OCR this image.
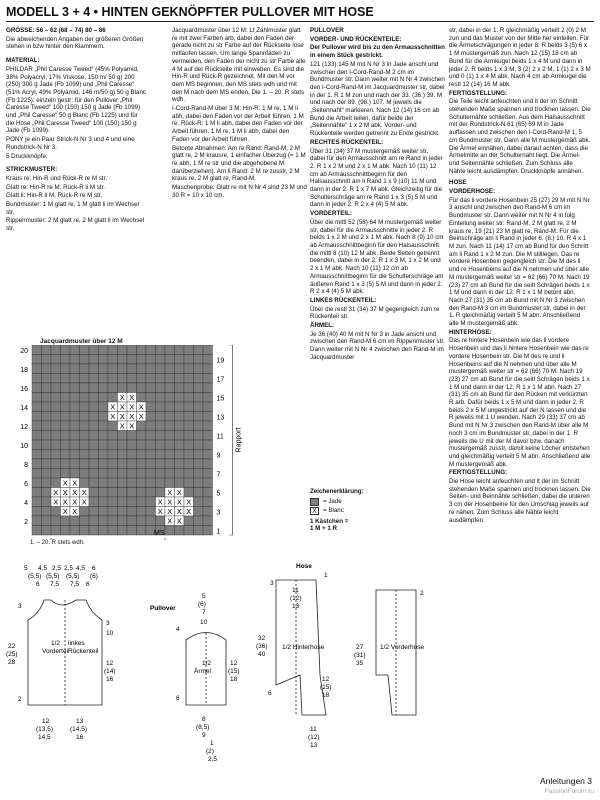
MODELL 3 + 4 • HINTEN GEKNÖPFTER PULLOVER MIT HOSE

GRÖSSE: 56 – 62 (68 – 74) 80 – 86

Die abweichenden Angaben der größeren Größen stehen in bzw hinter den Klammern.

MATERIAL:

PHILDAR „Phil Caresse Tweed“ (45% Polyamid, 38% Polyacryl, 17% Viskose, 150 m/ 50 g) 200 (250) 300 g Jade (Fb 1099) und „Phil Caresse“ (51% Acryl, 49% Polyamid, 146 m/50 g) 50 g Blanc (Fb 1225); einzeln gestr: für den Pullover „Phil Caresse Tweed“ 100 (150) 150 g Jade (Fb 1099) und „Phil Caresse“ 50 g Blanc (Fb 1225) und für die Hose „Phil Caresse Tweed“ 100 (150) 150 g Jade (Fb 1099).

PONY je ein Paar Strick-N Nr 3 und 4 und eine Rundstrick-N Nr 3.

5 Druckknöpfe.

STRICKMUSTER:

Kraus re: Hin-R und Rück-R re M str.

Glatt re: Hin-R re M, Rück-R li M str.

Glatt li: Hin-R li M, Rück-R re M str.

Bundmuster: 1 M glatt re, 1 M glatt li im Wechsel str.

Rippenmuster: 2 M glatt re, 2 M glatt li im Wechsel str.

Jacquardmuster über 12 M: Lt Zählmuster glatt re mit zwei Farben arb, dabei den Faden der gerade nicht zu str Farbe auf der Rückseite lose mitlaufen lassen. Um lange Spannfäden zu vermeiden, den Faden der nicht zu str Farbe alle 4 M auf der Rückseite mit einweben. Es sind die Hin-R und Rück-R gezeichnet. Mit den M vor dem MS beginnen, den MS stets wdh und mit den M nach dem MS enden. Die 1. – 20. R stets wdh.

I-Cord-Rand-M über 3 M: Hin-R: 1 M re, 1 M li abh, dabei den Faden vor der Arbeit führen, 1 M re. Rück-R: 1 M li abh, dabei den Faden vor der Arbeit führen, 1 M re, 1 M li abh, dabei den Faden vor der Arbeit führen.

Betonte Abnahmen: Am re Rand: Rand-M, 2 M glatt re, 2 M krausre, 1 einfacher Überzug (= 1 M re abh, 1 M re str und die abgehobene M darüberziehen). Am li Rand: 2 M re zusstr, 2 M kraus re, 2 M glatt re, Rand-M.

Maschenprobe: Glatt re mit N Nr 4 sind 23 M und 30 R = 10 x 10 cm.

PULLOVER

VORDER- UND RÜCKENTEILE:

Der Pullover wird bis zu den Armausschnitten in einem Stück gestrickt.

121 (133) 145 M mit N Nr 3 in Jade anschl und zwischen den I-Cord-Rand-M 2 cm im Bundmuster str. Dann weiter mit N Nr 4 zwischen den I-Cord-Rand-M im Jacquardmuster str, dabei in der 1. R 1 M zun und nach der 33. (36.) 39. M und nach der 89. (98.) 107. M jeweils die „Seitennaht“ markieren. Nach 12 (14) 16 cm ab Bund die Arbeit teilen, dafür beide der „Seitennähte“ 1 x 2 M abk. Vorder- und Rückenteile werden getrennt zu Ende gestrickt.

RECHTES RÜCKENTEIL:

Über 31 (34) 37 M mustergemäß weiter str, dabei für den Armausschnitt am re Rand in jeder 2. R 1 x 2 M und 2 x 1 M abk. Nach 10 (11) 12 cm ab Armausschnittbeginn für den Halsausschnitt am li Rand 1 x 9 (10) 11 M und dann in der 2. R 1 x 7 M abk. Gleichzeitig für die Schulterschräge am re Rand 1 x 3 (5) 5 M und dann in jeder 2. R 2 x 4 (4) 5 M abk.

VORDERTEIL:

Über die mittl 52 (58) 64 M mustergemäß weiter str, dabei für die Armausschnitte in jeder 2. R beids 1 x 2 M und 2 x 1 M abk. Nach 8 (9) 10 cm ab Armausschnittbeginn für den Halsausschnitt die mittl 8 (10) 12 M abk. Beide Seiten getrennt beenden, dabei in der 2. R 1 x 3 M, 1 x 2 M und 2 x 1 M abk. Nach 10 (11) 12 cm ab Armausschnittbeginn für die Schulterschräge am äußeren Rand 1 x 3 (5) 5 M und dann in jeder 2. R 2 x 4 (4) 5 M abk.

LINKES RÜCKENTEIL:

Über die restl 31 (34) 37 M gegengleich zum re Rückenteil str.

ÄRMEL:

Je 36 (40) 40 M mit N Nr 3 in Jade anschl und zwischen den Rand-M 6 cm im Rippenmuster str. Dann weiter mit N Nr 4 zwischen den Rand-M im Jacquardmuster

Zeichenerklärung:
= Jade
X = Blanc
1 Kästchen =
1 M + 1 R

str, dabei in der 1. R gleichmäßig verteilt 2 (0) 2 M zun und das Muster von der Mitte her einteilen. Für die Ärmelschrägungen in jeder 8. R beids 3 (5) 6 x 1 M mustergemäß zun. Nach 12 (15) 18 cm ab Bund für die Armkugel beids 1 x 4 M und dann in jeder 2. R beids 1 x 3 M, 3 (2) 2 x 2 M, 1 (1) 2 x 3 M und 0 (1) 1 x 4 M abk. Nach 4 cm ab Armkugel die restl 12 (14) 16 M abk.

FERTIGSTELLUNG:

Die Teile leicht anfeuchten und lt der im Schnitt stehenden Maße spannen und trocknen lassen. Die Schulternähte schließen. Aus dem Halsausschnitt mit der Rundstrick-N 61 (65) 69 M in Jade auffassen und zwischen den I-Cord-Rand-M 1, 5 cm Bundmuster str. Dann alle M mustergemäß abk. Die Ärmel einnähen, dabei darauf achten, dass die Ärmelmitte an der Schulternaht liegt. Die Ärmel- und Seitennähte schließen. Zum Schluss alle Nähte leicht ausdämpfen. Druckknöpfe annähen.

HOSE

VORDERHOSE:

Für das li vordere Hosenbein 25 (27) 29 M mit N Nr 3 anschl und zwischen den Rand-M 6 cm im Bundmuster str. Dann weiter mit N Nr 4 in folg Einteilung weiter str: Rand-M, 2 M glatt re, 2 M kraus re, 19 (21) 23 M glatt re, Rand-M. Für die Beinschräge am li Rand in jeder 6. (8.) 10. R 4 x 1 M zun. Nach 11 (14) 17 cm ab Bund für den Schritt am li Rand 1 x 2 M zun. Die M stilllegen. Das re vordere Hosenbein gegengleich str. Die M des li und re Hosenbeins auf die N nehmen und über alle M mustergemäß weiter str = 62 (66) 70 M. Nach 19 (23) 27 cm ab Bund für die seitl Schrägen beids 1 x 1 M und dann in der 12. R 1 x 1 M betont abn. Nach 27 (31) 35 cm ab Bund mit N Nr 3 zwischen den Rand-M 3 cm im Bundmuster str, dabei in der 1. R gleichmäßig verteilt 5 M abn. Anschließend alle M mustergemäß abk.

HINTERHOSE:

Das re hintere Hosenbein wie das li vordere Hosenbein und das li hintere Hosenbein wie das re vordere Hosenbein str. Die M des re und li Hosenbeins auf die N nehmen und über alle M mustergemäß weiter str = 62 (66) 70 M. Nach 19 (23) 27 cm ab Bund für die seitl Schrägen beids 1 x 1 M und dann in der 12. R 1 x 1 M abn. Nach 27 (31) 35 cm ab Bund für den Rücken mit verkürzten R arb. Dafür beids 1 x 5 M und dann in jeder 2. R beids 2 x 5 M ungestrickt auf der N lassen und die R jeweils mit 1 U wenden. Nach 29 (33) 37 cm ab Bund mit N Nr 3 zwischen den Rand-M über alle M noch 3 cm im Bundmuster str, dabei in der 1. R jeweils die U mit der M davor bzw. danach mustergemäß zusstr, damit keine Löcher entstehen und gleichmäßig verteilt 5 M abn. Anschließend alle M mustergemäß abk.

FERTIGSTELLUNG:

Die Hose leicht anfeuchten und lt der im Schnitt stehenden Maße spannen und trocknen lassen. Die Seiten- und Beinnähte schließen, dabei die unteren 3 cm der Hosenbeine für den Umschlag jeweils auf re nähen. Zum Schluss alle Nähte leicht ausdämpfen.

Jacquardmuster über 12 M
X X
X X X X
X X X X
X X
X X
X X X X	X X
X X X X	X X X X
X X	X X X X
X X
20
18
16
14
12
10
8
6
4
2
19
17
15
13
11
9
7
5
3
1
Rapport
MS
1. – 20. R stets wdh.
5 4,5 2,5 2,5 4,5 6
(5,5) (5,5) (5,5) (6)
6 7,5 7,5 6
3
1/2
Vorderteil
linkes
Rückenteil
22
(25)
28	12
(14)
16
12
(13,5)
14,5
13
(14,5)
16
2
3
10
Pullover
5
(6)
7
10
4
1/2
Ärmel
12
(15)
18
6
8
(8,5)
9
1
(2)
2,5
Hose
11
(12)
13
32
(36)
40
1/2 Hinterhose	27
(31)
35
1/2 Vorderhose
12
(15)
18
11
(12)
13
6
3
2
1
Anleitungen 3
PassionForum.ru
